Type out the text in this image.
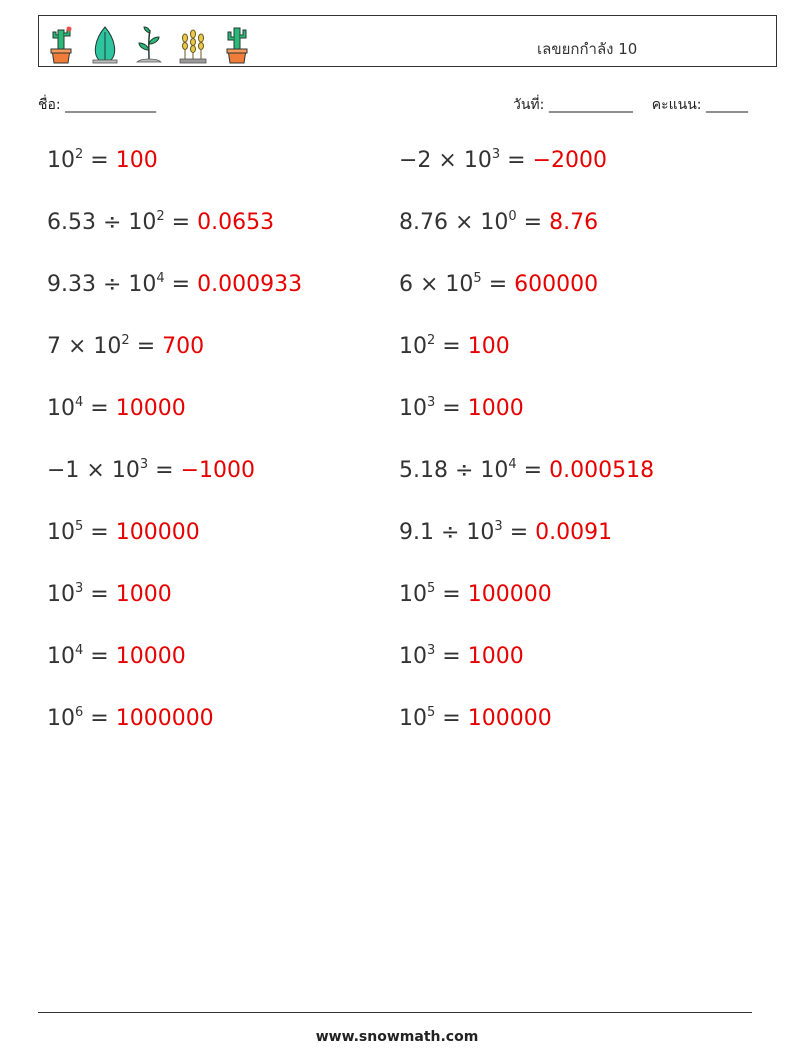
เลขยกกำลัง 10
ชื่อ: _____________	วันที่: ____________ คะแนน: ______
$10^2 = 100$	$-2 \times 10^3 = -2000$
$6.53 \div 10^2 = 0.0653$	$8.76 \times 10^0 = 8.76$
$9.33 \div 10^4 = 0.000933$	$6 \times 10^5 = 600000$
$7 \times 10^2 = 700$	$10^2 = 100$
$10^4 = 10000$	$10^3 = 1000$
$-1 \times 10^3 = -1000$	$5.18 \div 10^4 = 0.000518$
$10^5 = 100000$	$9.1 \div 10^3 = 0.0091$
$10^3 = 1000$	$10^5 = 100000$
$10^4 = 10000$	$10^3 = 1000$
$10^6 = 1000000$	$10^5 = 100000$
www.snowmath.com
